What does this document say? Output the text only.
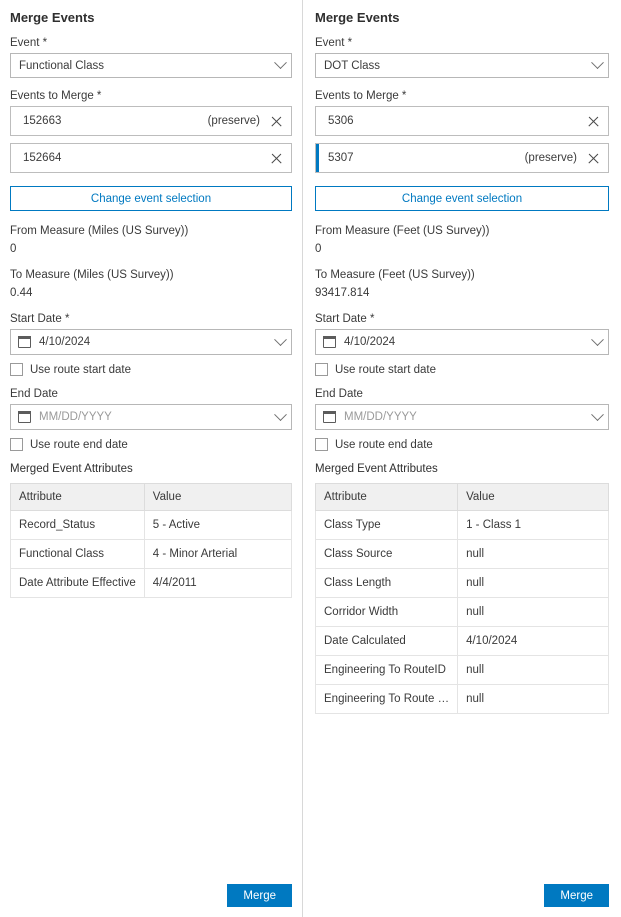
Merge Events
Event *
Functional Class
Events to Merge *
152663	(preserve)
152664
Change event selection
From Measure (Miles (US Survey))
0
To Measure (Miles (US Survey))
0.44
Start Date *
4/10/2024
Use route start date
End Date
MM/DD/YYYY
Use route end date
Merged Event Attributes
Attribute	Value
Record_Status	5 - Active
Functional Class	4 - Minor Arterial
Date Attribute Effective	4/4/2011
Merge
Merge Events
Event *
DOT Class
Events to Merge *
5306
5307	(preserve)
Change event selection
From Measure (Feet (US Survey))
0
To Measure (Feet (US Survey))
93417.814
Start Date *
4/10/2024
Use route start date
End Date
MM/DD/YYYY
Use route end date
Merged Event Attributes
Attribute	Value
Class Type	1 - Class 1
Class Source	null
Class Length	null
Corridor Width	null
Date Calculated	4/10/2024
Engineering To RouteID	null
Engineering To Route …	null
Merge
